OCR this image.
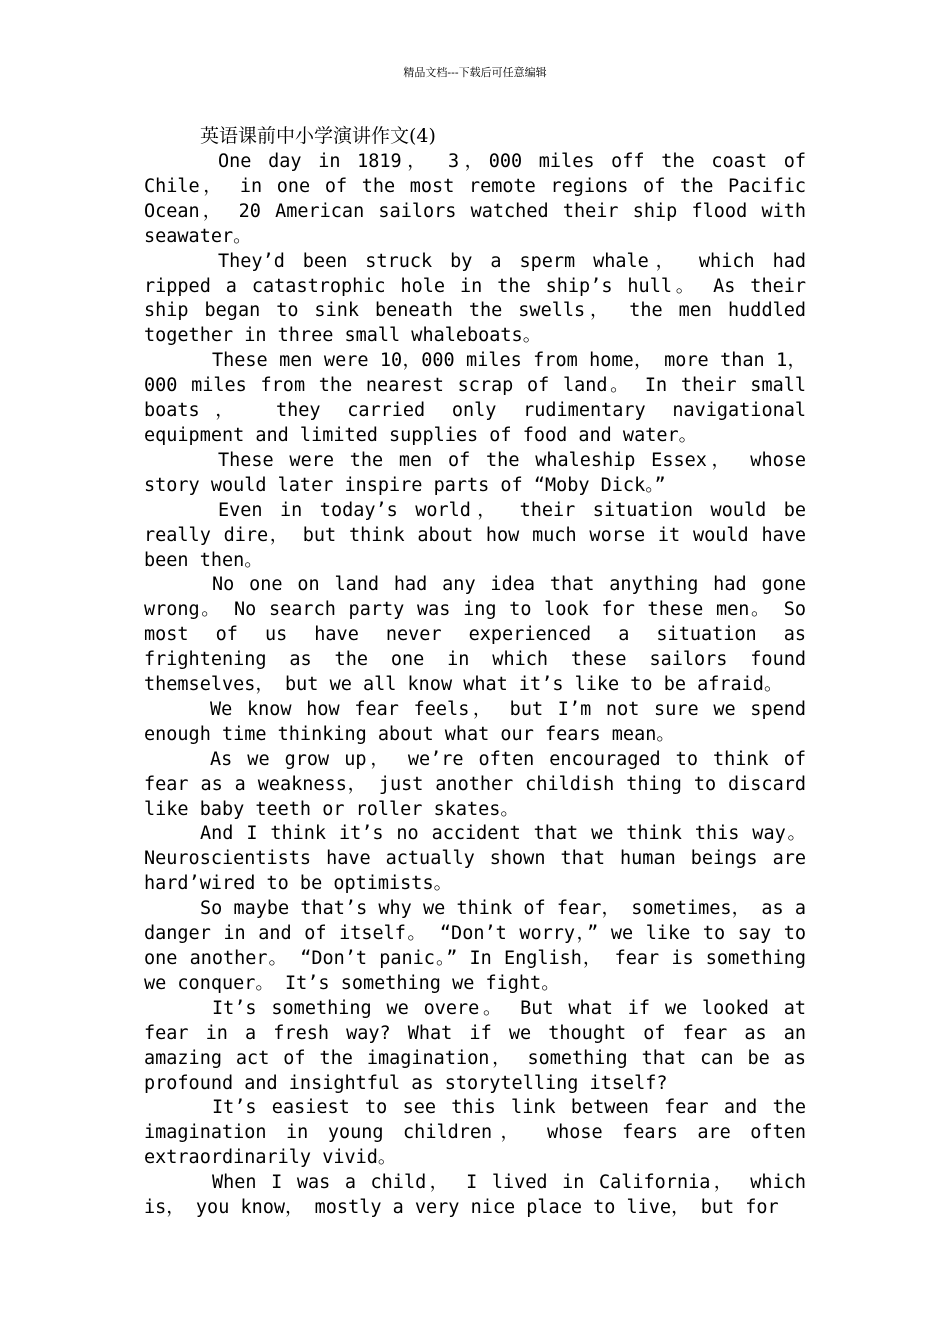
精品文档---下载后可任意编辑
英语课前中小学演讲作文(4)

One day in 1819， 3，000 miles off the coast of Chile， in one of the most remote regions of the Pacific Ocean， 20 American sailors watched their ship flood with seawater。

They’d been struck by a sperm whale， which had ripped a catastrophic hole in the ship’s hull。 As their ship began to sink beneath the swells， the men huddled together in three small whaleboats。

These men were 10，000 miles from home， more than 1，000 miles from the nearest scrap of land。 In their small boats， they carried only rudimentary navigational equipment and limited supplies of food and water。

These were the men of the whaleship Essex， whose story would later inspire parts of “Moby Dick。”

Even in today’s world， their situation would be really dire， but think about how much worse it would have been then。

No one on land had any idea that anything had gone wrong。 No search party was ing to look for these men。 So most of us have never experienced a situation as frightening as the one in which these sailors found themselves， but we all know what it’s like to be afraid。

We know how fear feels， but I’m not sure we spend enough time thinking about what our fears mean。

As we grow up， we’re often encouraged to think of fear as a weakness， just another childish thing to discard like baby teeth or roller skates。

And I think it’s no accident that we think this way。 Neuroscientists have actually shown that human beings are hard’wired to be optimists。

So maybe that’s why we think of fear， sometimes， as a danger in and of itself。 “Don’t worry，” we like to say to one another。 “Don’t panic。” In English， fear is something we conquer。 It’s something we fight。

It’s something we overe。 But what if we looked at fear in a fresh way? What if we thought of fear as an amazing act of the imagination， something that can be as profound and insightful as storytelling itself?

It’s easiest to see this link between fear and the imagination in young children， whose fears are often extraordinarily vivid。

When I was a child， I lived in California， which is， you know， mostly a very nice place to live， but for
